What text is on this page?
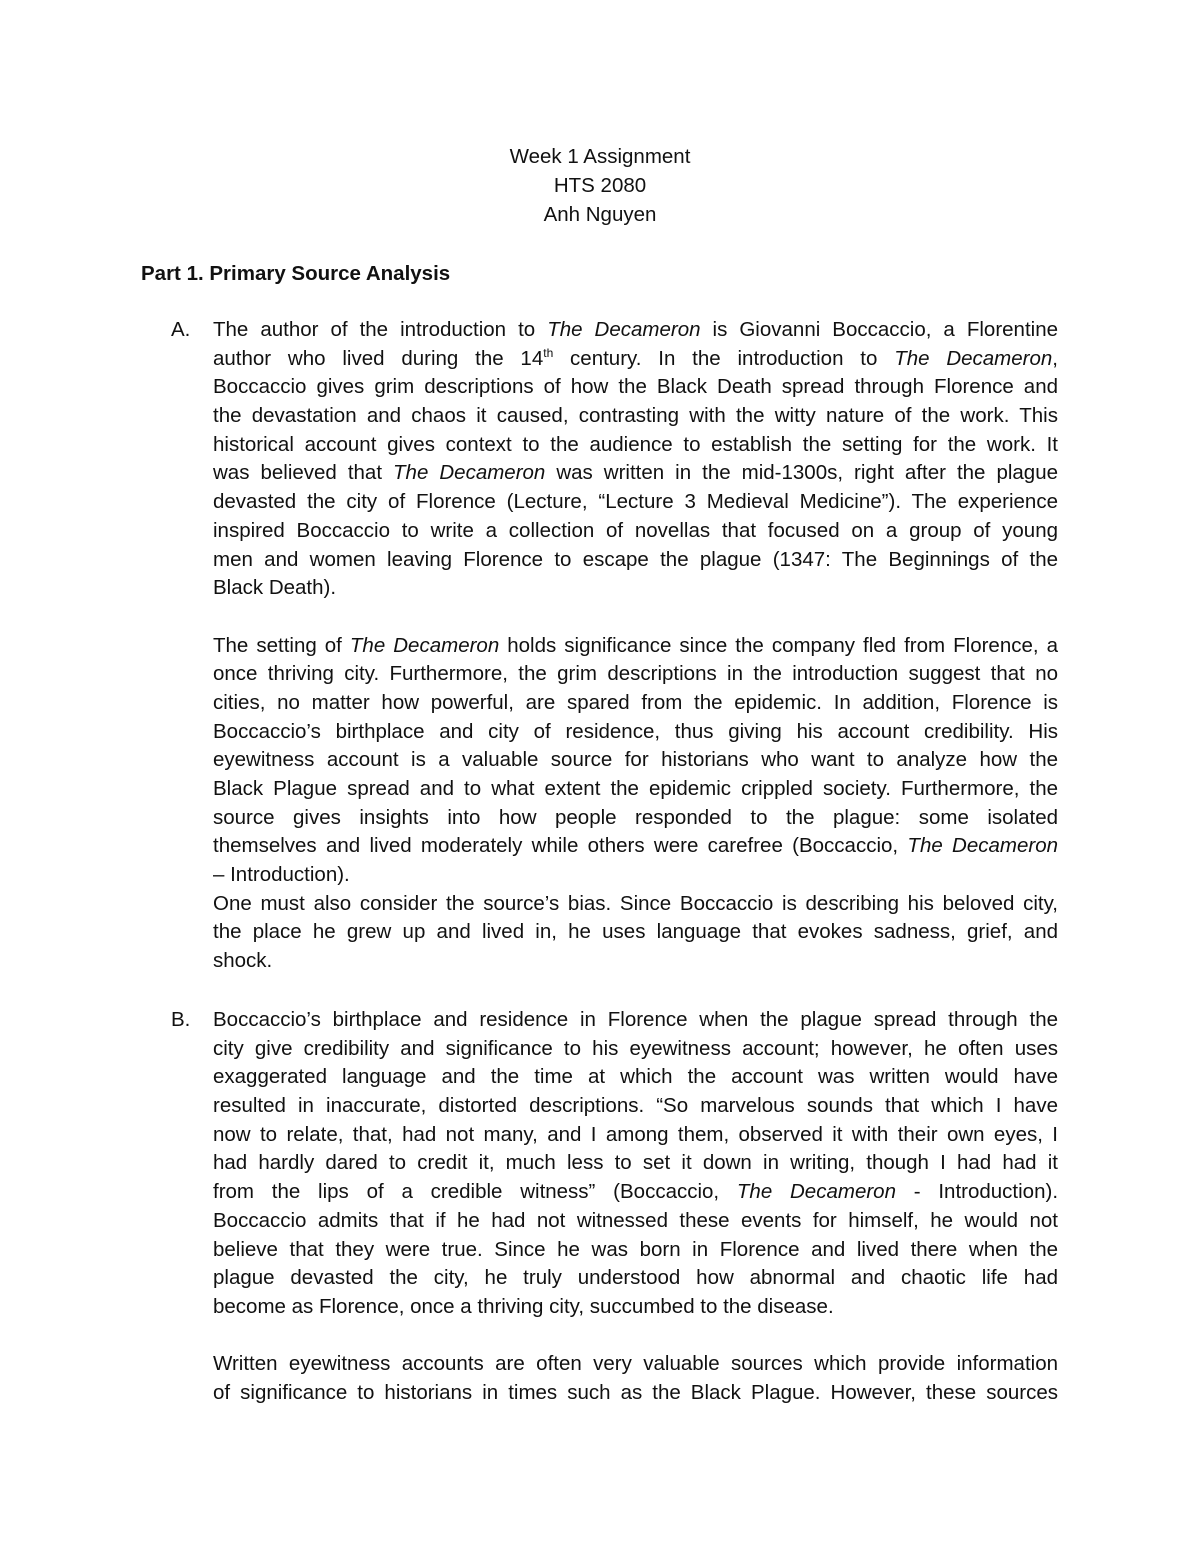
Week 1 Assignment
HTS 2080
Anh Nguyen
Part 1. Primary Source Analysis
A. The author of the introduction to The Decameron is Giovanni Boccaccio, a Florentine
author who lived during the 14th century. In the introduction to The Decameron,
Boccaccio gives grim descriptions of how the Black Death spread through Florence and
the devastation and chaos it caused, contrasting with the witty nature of the work. This
historical account gives context to the audience to establish the setting for the work. It
was believed that The Decameron was written in the mid-1300s, right after the plague
devasted the city of Florence (Lecture, “Lecture 3 Medieval Medicine”). The experience
inspired Boccaccio to write a collection of novellas that focused on a group of young
men and women leaving Florence to escape the plague (1347: The Beginnings of the
Black Death).
The setting of The Decameron holds significance since the company fled from Florence, a
once thriving city. Furthermore, the grim descriptions in the introduction suggest that no
cities, no matter how powerful, are spared from the epidemic. In addition, Florence is
Boccaccio’s birthplace and city of residence, thus giving his account credibility. His
eyewitness account is a valuable source for historians who want to analyze how the
Black Plague spread and to what extent the epidemic crippled society. Furthermore, the
source gives insights into how people responded to the plague: some isolated
themselves and lived moderately while others were carefree (Boccaccio, The Decameron
– Introduction).
One must also consider the source’s bias. Since Boccaccio is describing his beloved city,
the place he grew up and lived in, he uses language that evokes sadness, grief, and
shock.
B. Boccaccio’s birthplace and residence in Florence when the plague spread through the
city give credibility and significance to his eyewitness account; however, he often uses
exaggerated language and the time at which the account was written would have
resulted in inaccurate, distorted descriptions. “So marvelous sounds that which I have
now to relate, that, had not many, and I among them, observed it with their own eyes, I
had hardly dared to credit it, much less to set it down in writing, though I had had it
from the lips of a credible witness” (Boccaccio, The Decameron - Introduction).
Boccaccio admits that if he had not witnessed these events for himself, he would not
believe that they were true. Since he was born in Florence and lived there when the
plague devasted the city, he truly understood how abnormal and chaotic life had
become as Florence, once a thriving city, succumbed to the disease.
Written eyewitness accounts are often very valuable sources which provide information
of significance to historians in times such as the Black Plague. However, these sources
